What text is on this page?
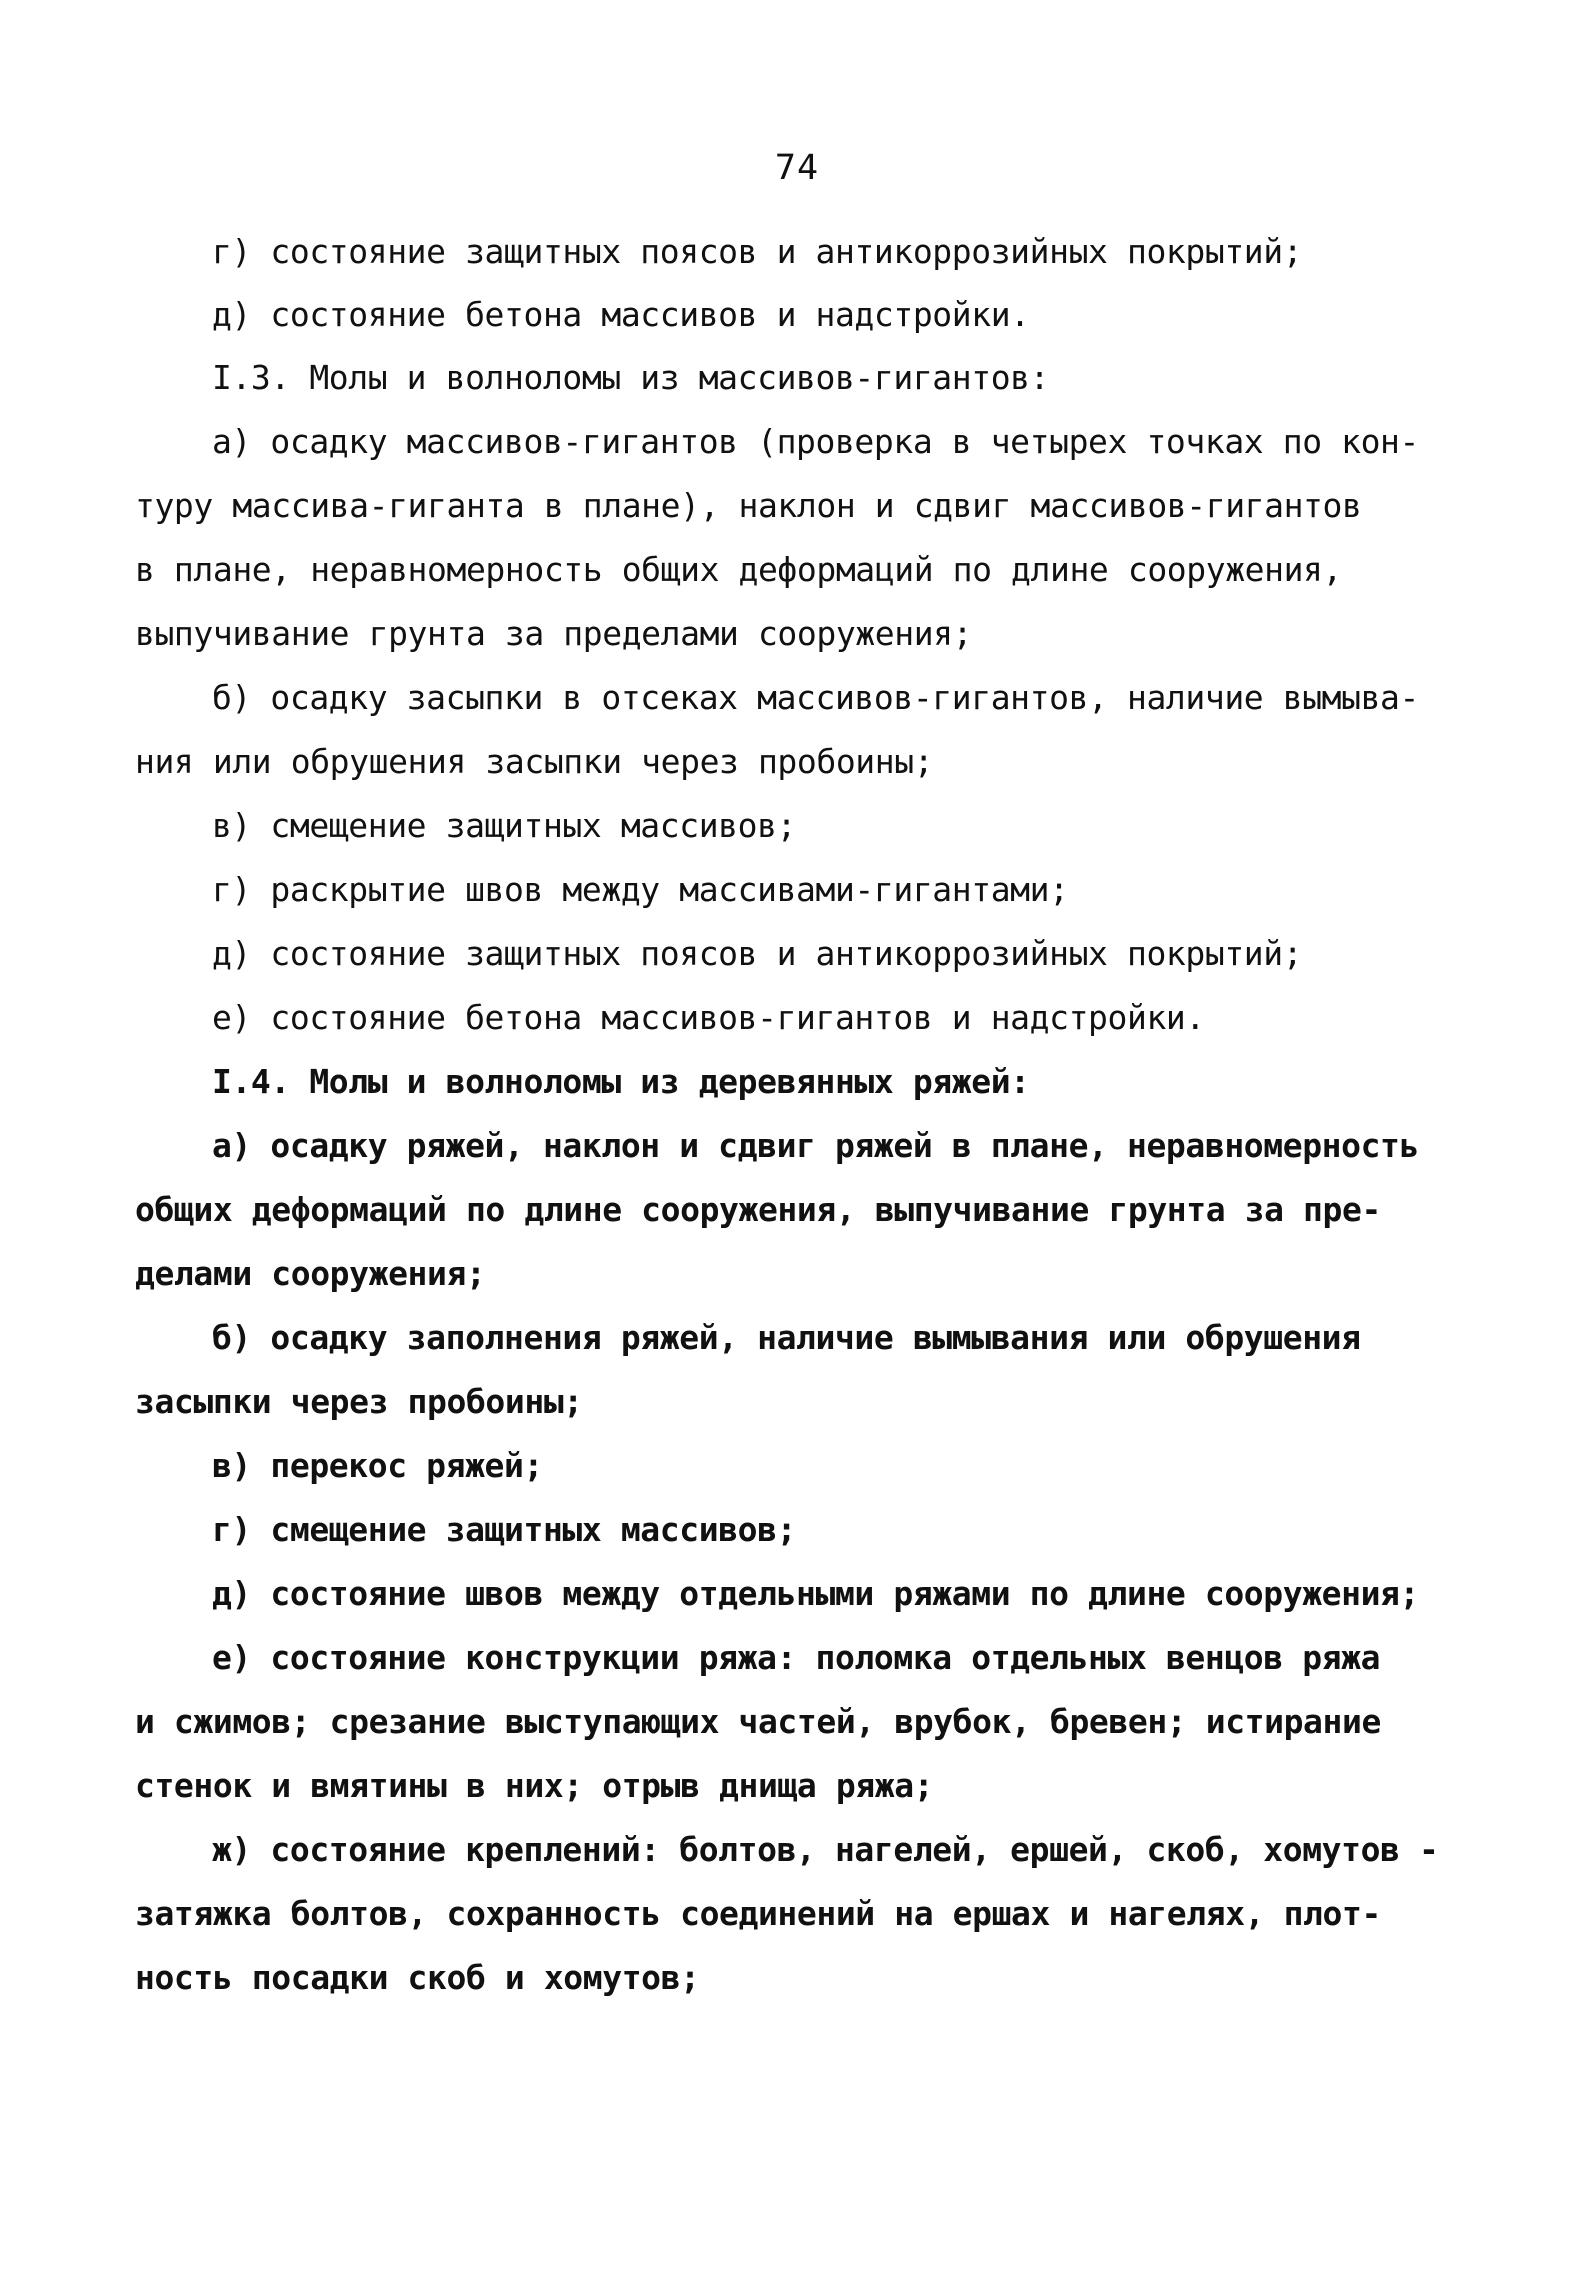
74
г) состояние защитных поясов и антикоррозийных покрытий;
д) состояние бетона массивов и надстройки.
I.3. Молы и волноломы из массивов-гигантов:
а) осадку массивов-гигантов (проверка в четырех точках по кон-
туру массива-гиганта в плане), наклон и сдвиг массивов-гигантов
в плане, неравномерность общих деформаций по длине сооружения,
выпучивание грунта за пределами сооружения;
б) осадку засыпки в отсеках массивов-гигантов, наличие вымыва-
ния или обрушения засыпки через пробоины;
в) смещение защитных массивов;
г) раскрытие швов между массивами-гигантами;
д) состояние защитных поясов и антикоррозийных покрытий;
е) состояние бетона массивов-гигантов и надстройки.
I.4. Молы и волноломы из деревянных ряжей:
а) осадку ряжей, наклон и сдвиг ряжей в плане, неравномерность
общих деформаций по длине сооружения, выпучивание грунта за пре-
делами сооружения;
б) осадку заполнения ряжей, наличие вымывания или обрушения
засыпки через пробоины;
в) перекос ряжей;
г) смещение защитных массивов;
д) состояние швов между отдельными ряжами по длине сооружения;
е) состояние конструкции ряжа: поломка отдельных венцов ряжа
и сжимов; срезание выступающих частей, врубок, бревен; истирание
стенок и вмятины в них; отрыв днища ряжа;
ж) состояние креплений: болтов, нагелей, ершей, скоб, хомутов -
затяжка болтов, сохранность соединений на ершах и нагелях, плот-
ность посадки скоб и хомутов;
